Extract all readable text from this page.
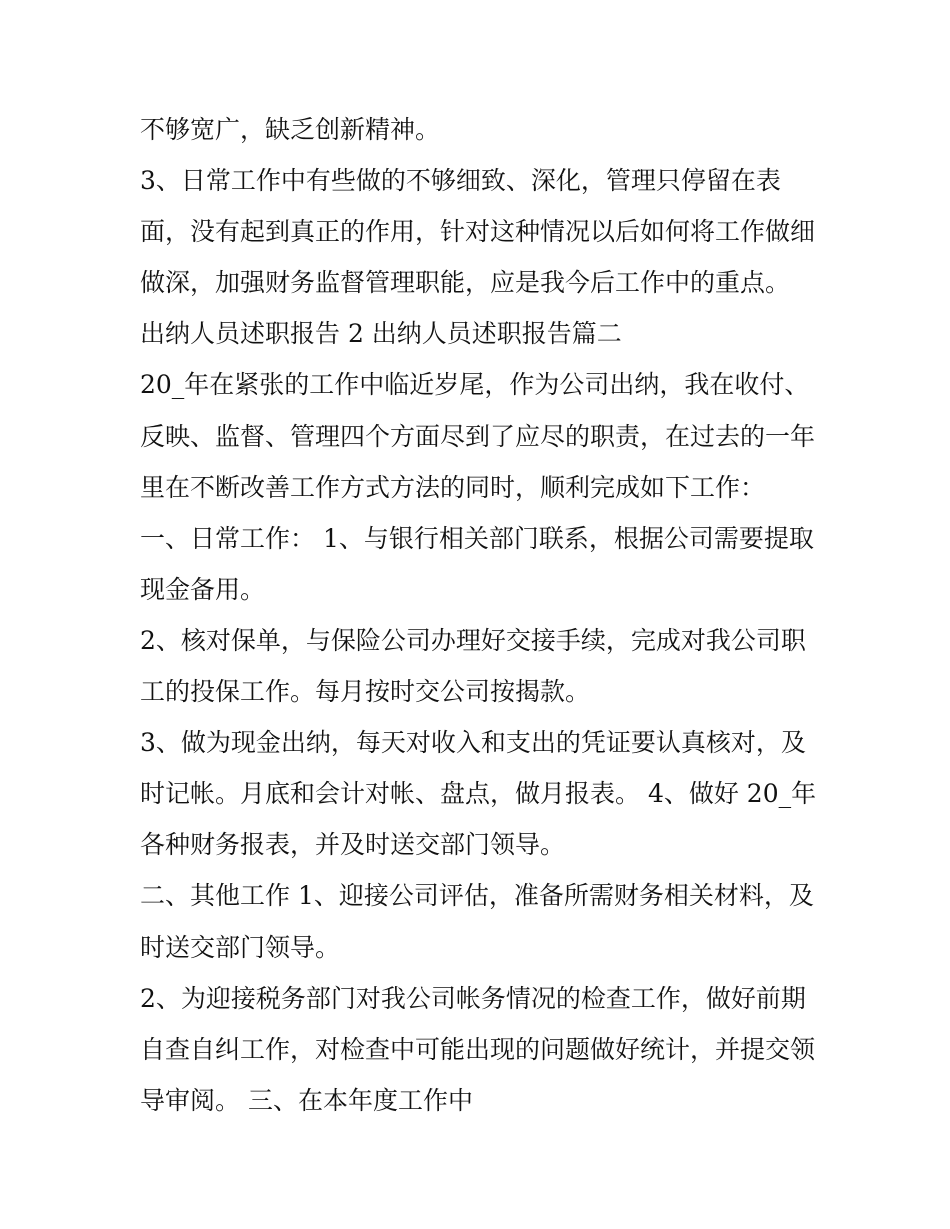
不够宽广，缺乏创新精神。
3、日常工作中有些做的不够细致、深化，管理只停留在表
面，没有起到真正的作用，针对这种情况以后如何将工作做细
做深，加强财务监督管理职能，应是我今后工作中的重点。
出纳人员述职报告 2 出纳人员述职报告篇二
20_年在紧张的工作中临近岁尾，作为公司出纳，我在收付、
反映、监督、管理四个方面尽到了应尽的职责，在过去的一年
里在不断改善工作方式方法的同时，顺利完成如下工作：
一、日常工作： 1、与银行相关部门联系，根据公司需要提取
现金备用。
2、核对保单，与保险公司办理好交接手续，完成对我公司职
工的投保工作。每月按时交公司按揭款。
3、做为现金出纳，每天对收入和支出的凭证要认真核对，及
时记帐。月底和会计对帐、盘点，做月报表。 4、做好 20_年
各种财务报表，并及时送交部门领导。
二、其他工作 1、迎接公司评估，准备所需财务相关材料，及
时送交部门领导。
2、为迎接税务部门对我公司帐务情况的检查工作，做好前期
自查自纠工作，对检查中可能出现的问题做好统计，并提交领
导审阅。 三、在本年度工作中
